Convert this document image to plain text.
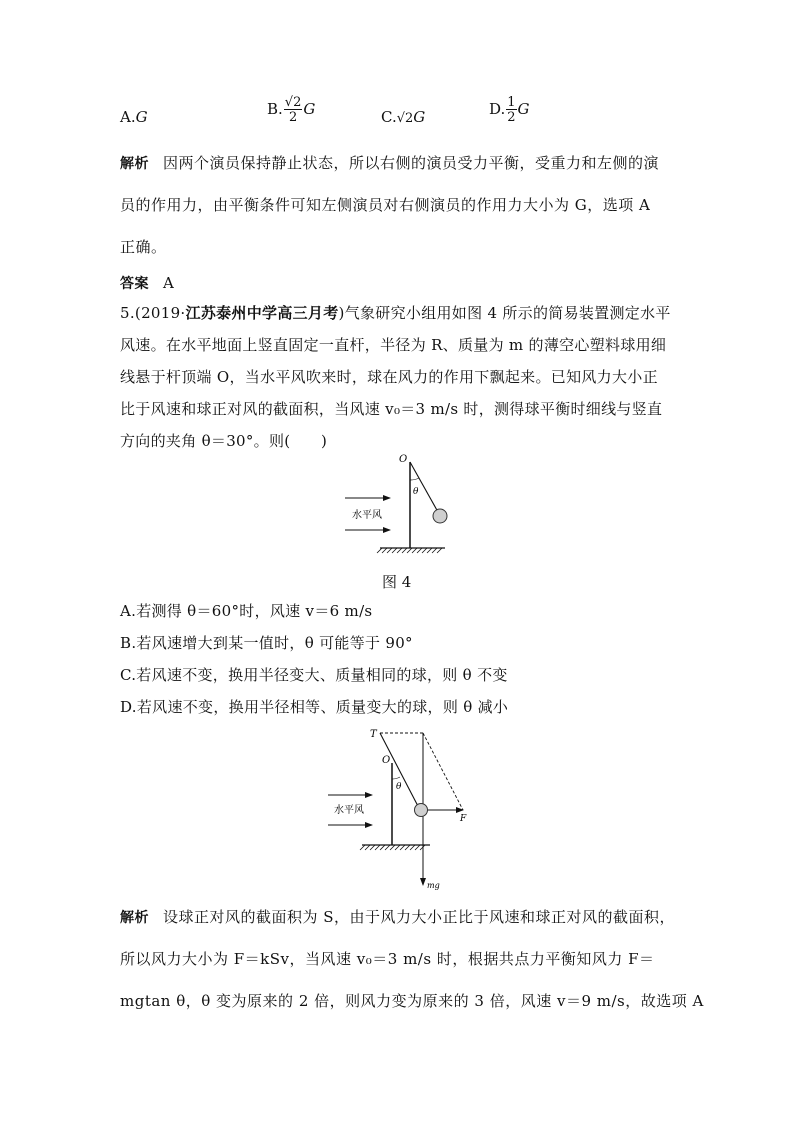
A.G	B. $\frac{√2}{2}$ G	C.√2G	D. $\frac{1}{2}$ G
解析 因两个演员保持静止状态，所以右侧的演员受力平衡，受重力和左侧的演
员的作用力，由平衡条件可知左侧演员对右侧演员的作用力大小为 G，选项 A
正确。
答案 A
5.(2019·江苏泰州中学高三月考)气象研究小组用如图 4 所示的简易装置测定水平
风速。在水平地面上竖直固定一直杆，半径为 R、质量为 m 的薄空心塑料球用细
线悬于杆顶端 O，当水平风吹来时，球在风力的作用下飘起来。已知风力大小正
比于风速和球正对风的截面积，当风速 v₀＝3 m/s 时，测得球平衡时细线与竖直
方向的夹角 θ＝30°。则(　　)
θ
O
水平风
图 4
A.若测得 θ＝60°时，风速 v＝6 m/s
B.若风速增大到某一值时，θ 可能等于 90°
C.若风速不变，换用半径变大、质量相同的球，则 θ 不变
D.若风速不变，换用半径相等、质量变大的球，则 θ 减小
θ
T
O
F
mg
水平风
解析 设球正对风的截面积为 S，由于风力大小正比于风速和球正对风的截面积，
所以风力大小为 F＝kSv，当风速 v₀＝3 m/s 时，根据共点力平衡知风力 F＝
mgtan θ，θ 变为原来的 2 倍，则风力变为原来的 3 倍，风速 v＝9 m/s，故选项 A
